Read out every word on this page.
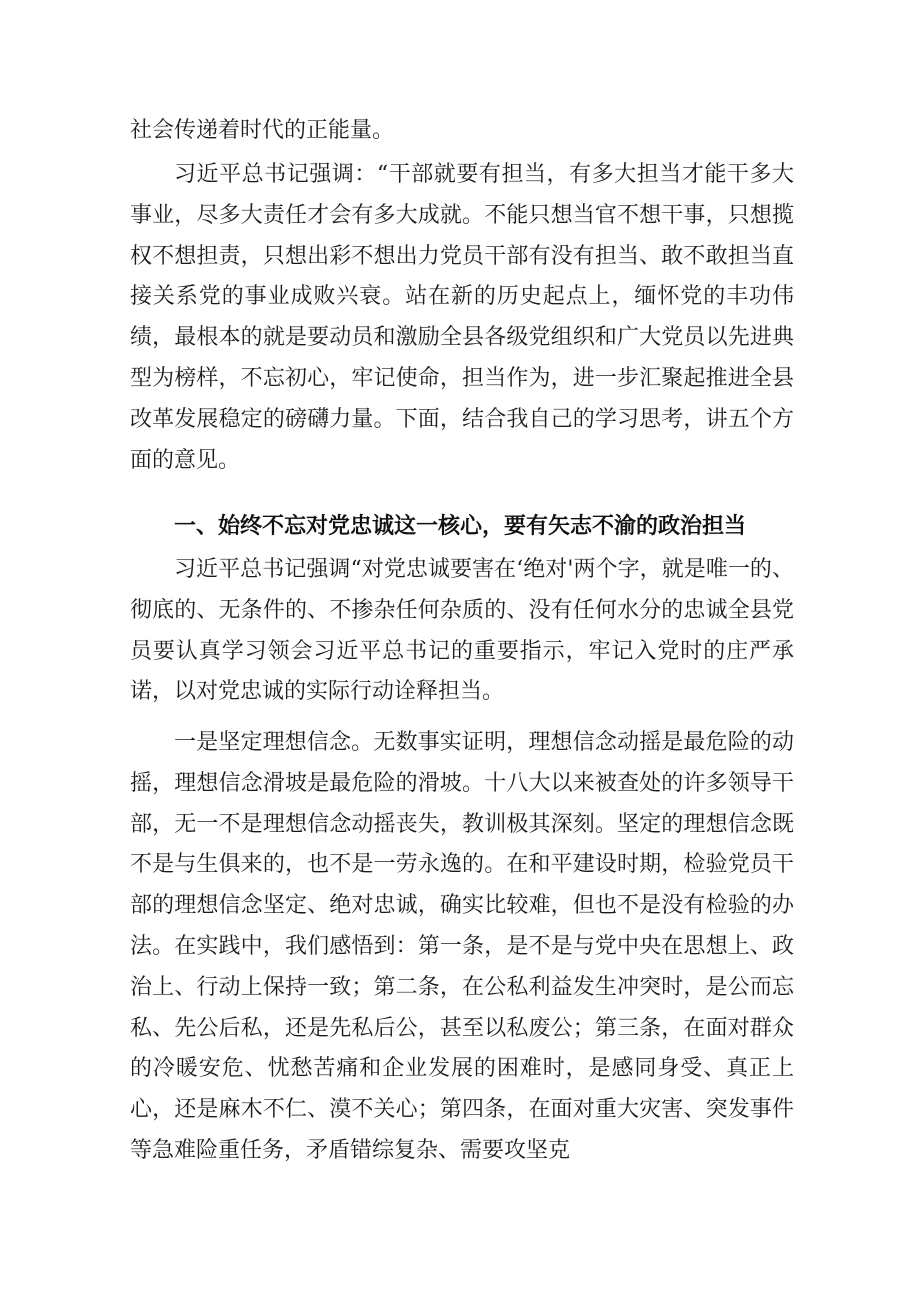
社会传递着时代的正能量。

习近平总书记强调：“干部就要有担当，有多大担当才能干多大事业，尽多大责任才会有多大成就。不能只想当官不想干事，只想揽权不想担责，只想出彩不想出力党员干部有没有担当、敢不敢担当直接关系党的事业成败兴衰。站在新的历史起点上，缅怀党的丰功伟绩，最根本的就是要动员和激励全县各级党组织和广大党员以先进典型为榜样，不忘初心，牢记使命，担当作为，进一步汇聚起推进全县改革发展稳定的磅礴力量。下面，结合我自己的学习思考，讲五个方面的意见。

一、始终不忘对党忠诚这一核心，要有矢志不渝的政治担当

习近平总书记强调“对党忠诚要害在‘绝对'两个字，就是唯一的、彻底的、无条件的、不掺杂任何杂质的、没有任何水分的忠诚全县党员要认真学习领会习近平总书记的重要指示，牢记入党时的庄严承诺，以对党忠诚的实际行动诠释担当。

一是坚定理想信念。无数事实证明，理想信念动摇是最危险的动摇，理想信念滑坡是最危险的滑坡。十八大以来被查处的许多领导干部，无一不是理想信念动摇丧失，教训极其深刻。坚定的理想信念既不是与生俱来的，也不是一劳永逸的。在和平建设时期，检验党员干部的理想信念坚定、绝对忠诚，确实比较难，但也不是没有检验的办法。在实践中，我们感悟到：第一条，是不是与党中央在思想上、政治上、行动上保持一致；第二条，在公私利益发生冲突时，是公而忘私、先公后私，还是先私后公，甚至以私废公；第三条，在面对群众的冷暖安危、忧愁苦痛和企业发展的困难时，是感同身受、真正上心，还是麻木不仁、漠不关心；第四条，在面对重大灾害、突发事件等急难险重任务，矛盾错综复杂、需要攻坚克
